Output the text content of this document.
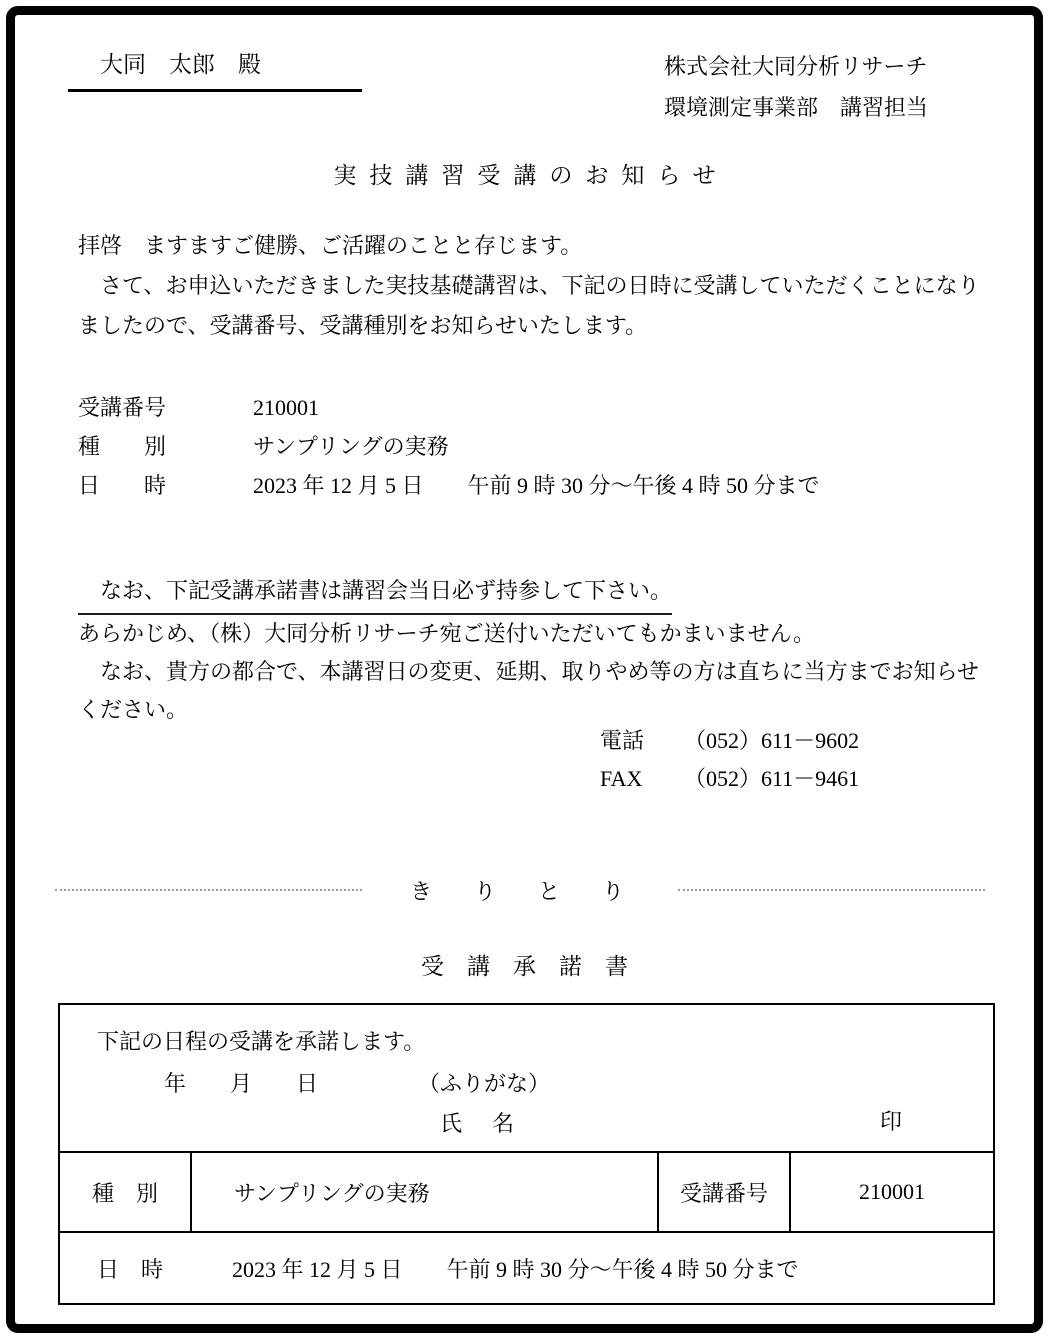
大同　太郎　殿	株式会社大同分析リサーチ
環境測定事業部　講習担当
実技講習受講のお知らせ

拝啓　ますますご健勝、ご活躍のことと存じます。

　さて、お申込いただきました実技基礎講習は、下記の日時に受講していただくことになりましたので、受講番号、受講種別をお知らせいたします。

受講番号	210001
種　　別	サンプリングの実務
日　　時	2023 年 12 月 5 日　　午前 9 時 30 分～午後 4 時 50 分まで

　なお、下記受講承諾書は講習会当日必ず持参して下さい。

あらかじめ、（株）大同分析リサーチ宛ご送付いただいてもかまいません。

　なお、貴方の都合で、本講習日の変更、延期、取りやめ等の方は直ちに当方までお知らせください。

電話	（052）611－9602
FAX	（052）611－9461
きりとり
受講承諾書
下記の日程の受講を承諾します。
年　　月　　日	（ふりがな）
氏　名	印
種　別	サンプリングの実務	受講番号	210001
日　時	2023 年 12 月 5 日　　午前 9 時 30 分～午後 4 時 50 分まで
